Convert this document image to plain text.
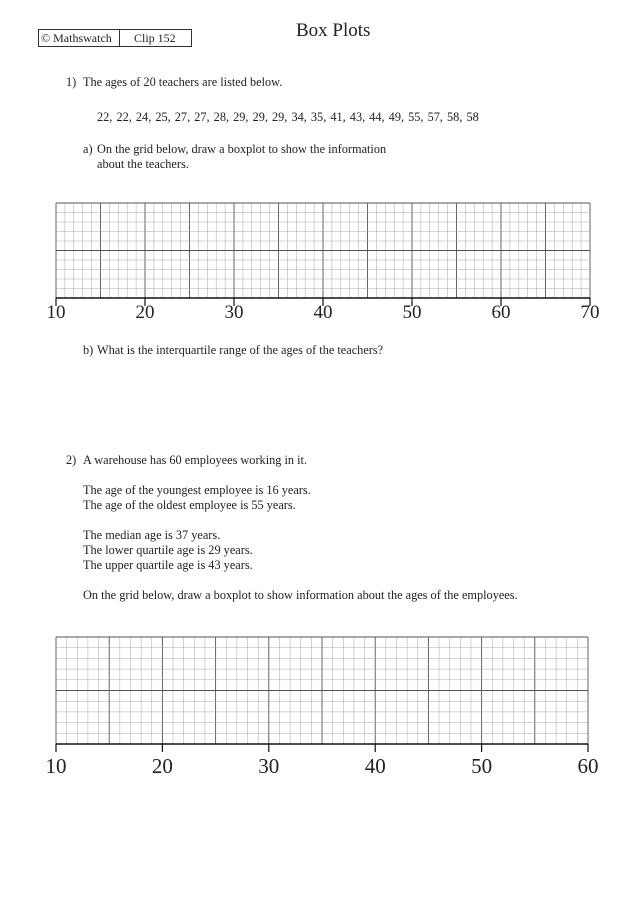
© Mathswatch Clip 152	Box Plots
1) The ages of 20 teachers are listed below.
22, 22, 24, 25, 27, 27, 28, 29, 29, 29, 34, 35, 41, 43, 44, 49, 55, 57, 58, 58
a) On the grid below, draw a boxplot to show the information
about the teachers.
10	20	30	40	50	60	70
b) What is the interquartile range of the ages of the teachers?
2) A warehouse has 60 employees working in it.
The age of the youngest employee is 16 years.
The age of the oldest employee is 55 years.
The median age is 37 years.
The lower quartile age is 29 years.
The upper quartile age is 43 years.
On the grid below, draw a boxplot to show information about the ages of the employees.
10	20	30	40	50	60
